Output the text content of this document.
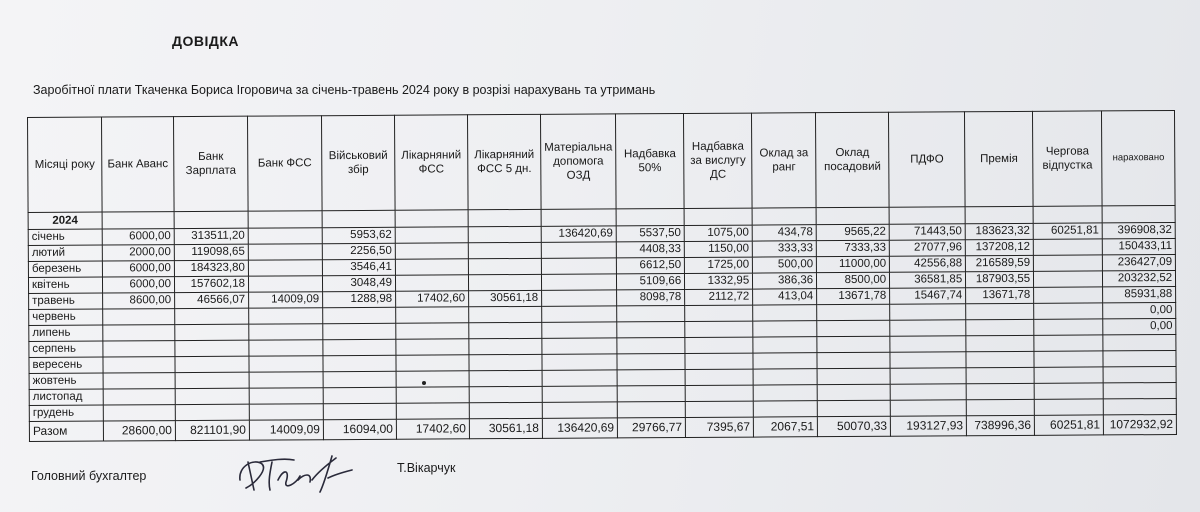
ДОВІДКА
Заробітної плати Ткаченка Бориса Ігоровича за січень-травень 2024 року в розрізі нарахувань та утримань
Місяці року	Банк Аванс	Банк Зарплата	Банк ФСС	Військовий збір	Лікарняний ФСС	Лікарняний ФСС 5 дн.	Матеріальна допомога ОЗД	Надбавка 50%	Надбавка за вислугу ДС	Оклад за ранг	Оклад посадовий	ПДФО	Премія	Чергова відпустка	нараховано
2024															
січень	6000,00	313511,20		5953,62			136420,69	5537,50	1075,00	434,78	9565,22	71443,50	183623,32	60251,81	396908,32
лютий	2000,00	119098,65		2256,50				4408,33	1150,00	333,33	7333,33	27077,96	137208,12		150433,11
березень	6000,00	184323,80		3546,41				6612,50	1725,00	500,00	11000,00	42556,88	216589,59		236427,09
квітень	6000,00	157602,18		3048,49				5109,66	1332,95	386,36	8500,00	36581,85	187903,55		203232,52
травень	8600,00	46566,07	14009,09	1288,98	17402,60	30561,18		8098,78	2112,72	413,04	13671,78	15467,74	13671,78		85931,88
червень															0,00
липень															0,00
серпень															
вересень															
жовтень															
листопад															
грудень															
Разом	28600,00	821101,90	14009,09	16094,00	17402,60	30561,18	136420,69	29766,77	7395,67	2067,51	50070,33	193127,93	738996,36	60251,81	1072932,92
Головний бухгалтер
Т.Вікарчук
